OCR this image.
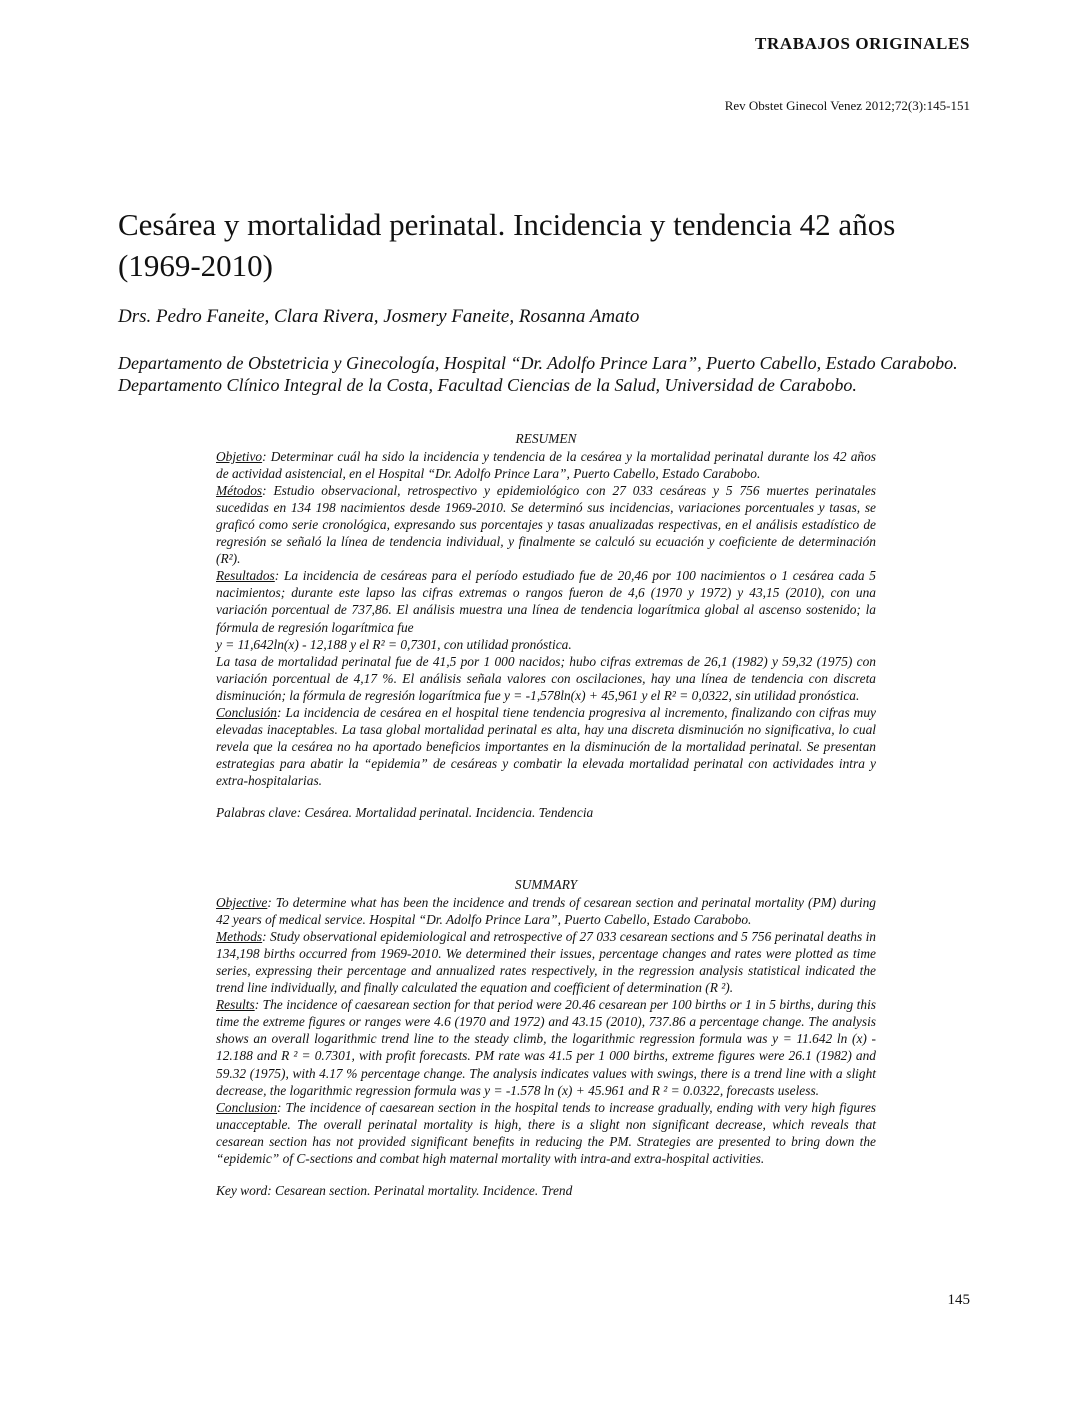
TRABAJOS ORIGINALES
Rev Obstet Ginecol Venez 2012;72(3):145-151
Cesárea y mortalidad perinatal. Incidencia y tendencia 42 años (1969-2010)
Drs. Pedro Faneite, Clara Rivera, Josmery Faneite, Rosanna Amato
Departamento de Obstetricia y Ginecología, Hospital “Dr. Adolfo Prince Lara”, Puerto Cabello, Estado Carabobo. Departamento Clínico Integral de la Costa, Facultad Ciencias de la Salud, Universidad de Carabobo.

RESUMEN

Objetivo: Determinar cuál ha sido la incidencia y tendencia de la cesárea y la mortalidad perinatal durante los 42 años de actividad asistencial, en el Hospital “Dr. Adolfo Prince Lara”, Puerto Cabello, Estado Carabobo.

Métodos: Estudio observacional, retrospectivo y epidemiológico con 27 033 cesáreas y 5 756 muertes perinatales sucedidas en 134 198 nacimientos desde 1969-2010. Se determinó sus incidencias, variaciones porcentuales y tasas, se graficó como serie cronológica, expresando sus porcentajes y tasas anualizadas respectivas, en el análisis estadístico de regresión se señaló la línea de tendencia individual, y finalmente se calculó su ecuación y coeficiente de determinación (R²).

Resultados: La incidencia de cesáreas para el período estudiado fue de 20,46 por 100 nacimientos o 1 cesárea cada 5 nacimientos; durante este lapso las cifras extremas o rangos fueron de 4,6 (1970 y 1972) y 43,15 (2010), con una variación porcentual de 737,86. El análisis muestra una línea de tendencia logarítmica global al ascenso sostenido; la fórmula de regresión logarítmica fue

y = 11,642ln(x) - 12,188 y el R² = 0,7301, con utilidad pronóstica.

La tasa de mortalidad perinatal fue de 41,5 por 1 000 nacidos; hubo cifras extremas de 26,1 (1982) y 59,32 (1975) con variación porcentual de 4,17 %. El análisis señala valores con oscilaciones, hay una línea de tendencia con discreta disminución; la fórmula de regresión logarítmica fue y = -1,578ln(x) + 45,961 y el R² = 0,0322, sin utilidad pronóstica.

Conclusión: La incidencia de cesárea en el hospital tiene tendencia progresiva al incremento, finalizando con cifras muy elevadas inaceptables. La tasa global mortalidad perinatal es alta, hay una discreta disminución no significativa, lo cual revela que la cesárea no ha aportado beneficios importantes en la disminución de la mortalidad perinatal. Se presentan estrategias para abatir la “epidemia” de cesáreas y combatir la elevada mortalidad perinatal con actividades intra y extra-hospitalarias.

Palabras clave: Cesárea. Mortalidad perinatal. Incidencia. Tendencia

SUMMARY

Objective: To determine what has been the incidence and trends of cesarean section and perinatal mortality (PM) during 42 years of medical service. Hospital “Dr. Adolfo Prince Lara”, Puerto Cabello, Estado Carabobo.

Methods: Study observational epidemiological and retrospective of 27 033 cesarean sections and 5 756 perinatal deaths in 134,198 births occurred from 1969-2010. We determined their issues, percentage changes and rates were plotted as time series, expressing their percentage and annualized rates respectively, in the regression analysis statistical indicated the trend line individually, and finally calculated the equation and coefficient of determination (R ²).

Results: The incidence of caesarean section for that period were 20.46 cesarean per 100 births or 1 in 5 births, during this time the extreme figures or ranges were 4.6 (1970 and 1972) and 43.15 (2010), 737.86 a percentage change. The analysis shows an overall logarithmic trend line to the steady climb, the logarithmic regression formula was y = 11.642 ln (x) - 12.188 and R ² = 0.7301, with profit forecasts. PM rate was 41.5 per 1 000 births, extreme figures were 26.1 (1982) and 59.32 (1975), with 4.17 % percentage change. The analysis indicates values with swings, there is a trend line with a slight decrease, the logarithmic regression formula was y = -1.578 ln (x) + 45.961 and R ² = 0.0322, forecasts useless.

Conclusion: The incidence of caesarean section in the hospital tends to increase gradually, ending with very high figures unacceptable. The overall perinatal mortality is high, there is a slight non significant decrease, which reveals that cesarean section has not provided significant benefits in reducing the PM. Strategies are presented to bring down the “epidemic” of C-sections and combat high maternal mortality with intra-and extra-hospital activities.

Key word: Cesarean section. Perinatal mortality. Incidence. Trend

145
